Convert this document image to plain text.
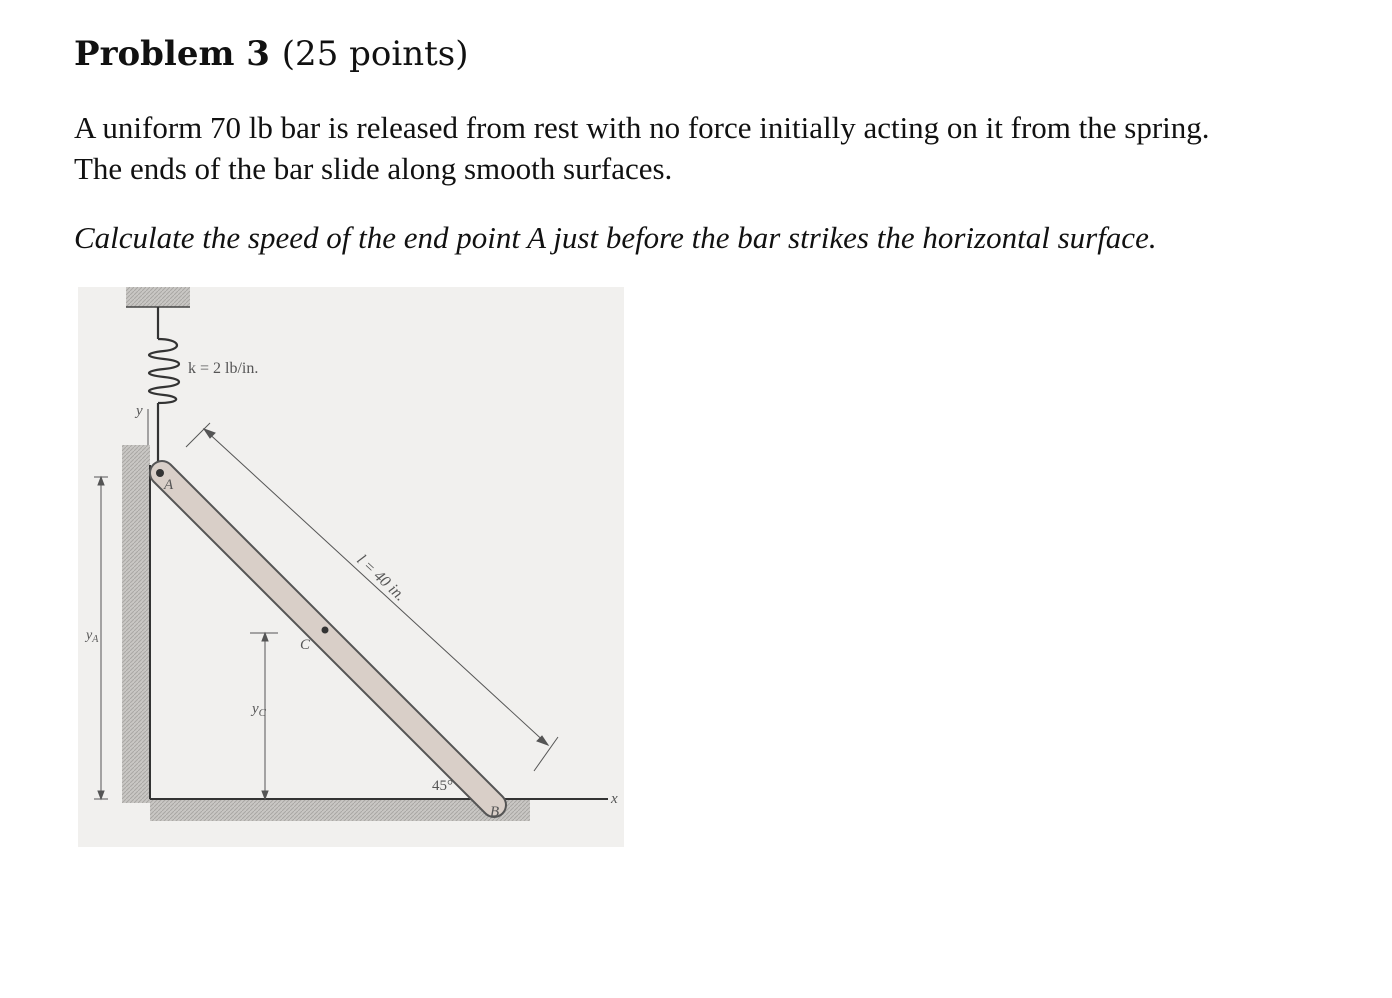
Problem 3 (25 points)

A uniform 70 lb bar is released from rest with no force initially acting on it from the spring.
The ends of the bar slide along smooth surfaces.

Calculate the speed of the end point A just before the bar strikes the horizontal surface.

y
x
A
C
B
k = 2 lb/in.
l = 40 in.
45°
$y_A$
$y_C$
